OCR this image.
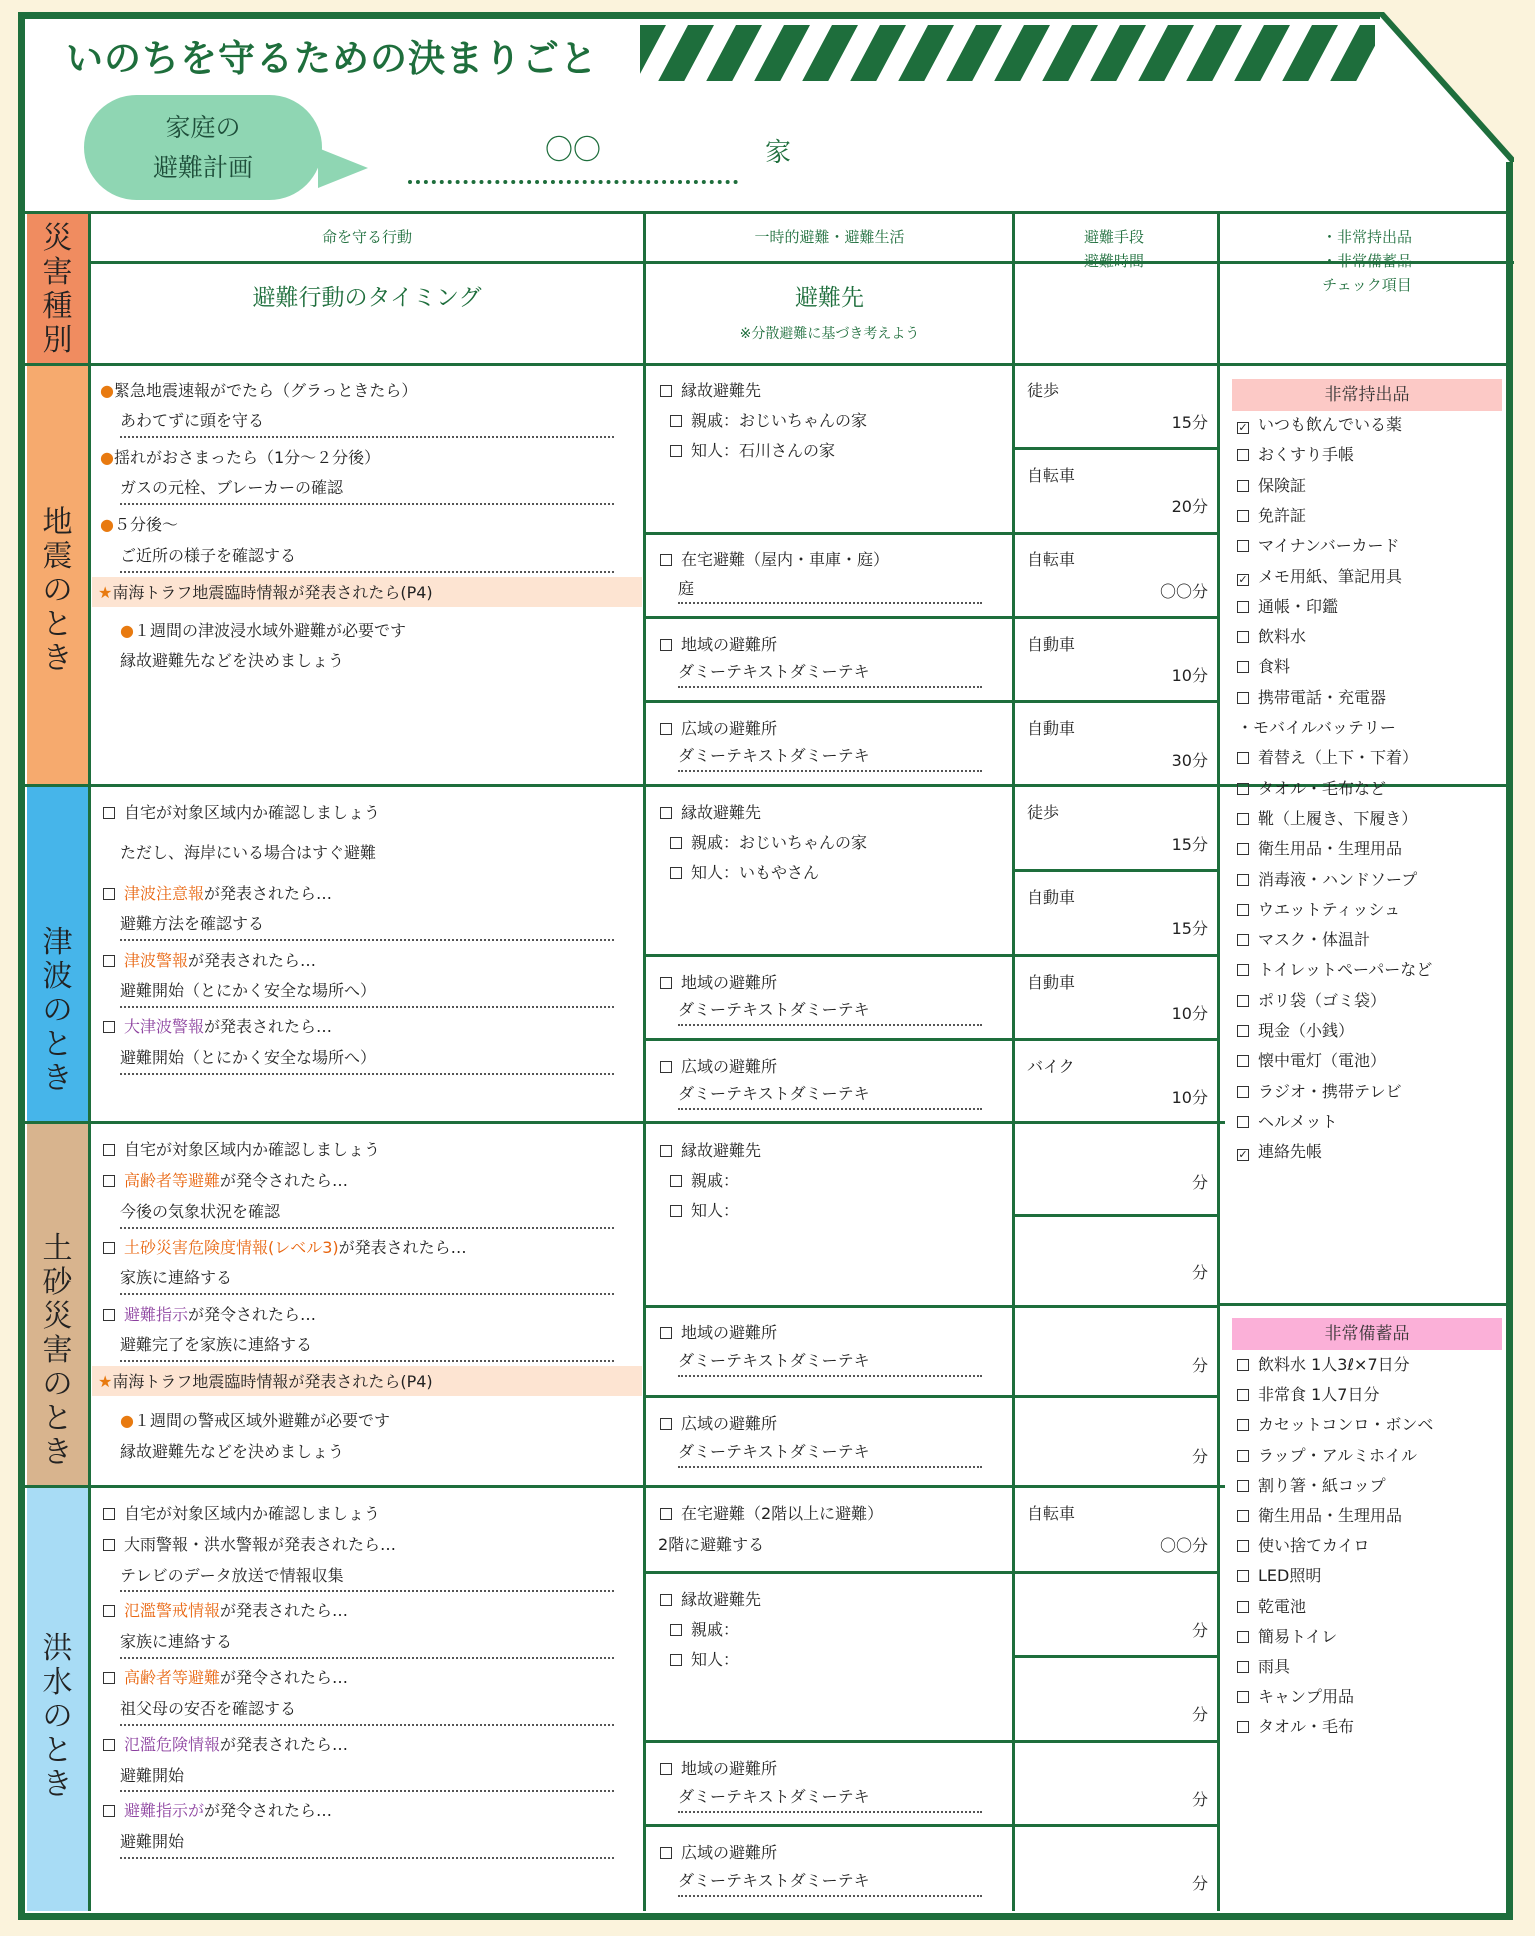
いのちを守るための決まりごと
家庭の
避難計画
〇〇	家
災
害
種
別
地
震
の
と
き
津
波
の
と
き
土
砂
災
害
の
と
き
洪
水
の
と
き
命を守る行動
避難行動のタイミング
一時的避難・避難生活
避難先
※分散避難に基づき考えよう
避難手段
避難時間
・非常持出品
・非常備蓄品
チェック項目
●緊急地震速報がでたら（グラっときたら）
あわてずに頭を守る
●揺れがおさまったら（1分〜２分後）
ガスの元栓、ブレーカーの確認
●５分後〜
ご近所の様子を確認する
★南海トラフ地震臨時情報が発表されたら(P4)
●１週間の津波浸水域外避難が必要です
縁故避難先などを決めましょう
縁故避難先
親戚：おじいちゃんの家
知人：石川さんの家
在宅避難（屋内・車庫・庭）
庭
地域の避難所
ダミーテキストダミーテキ
広域の避難所
ダミーテキストダミーテキ
徒歩
15分
自転車
20分
自転車
〇〇分
自動車
10分
自動車
30分
自宅が対象区域内か確認しましょう
ただし、海岸にいる場合はすぐ避難
津波注意報が発表されたら…
避難方法を確認する
津波警報が発表されたら…
避難開始（とにかく安全な場所へ）
大津波警報が発表されたら…
避難開始（とにかく安全な場所へ）
縁故避難先
親戚：おじいちゃんの家
知人：いもやさん
地域の避難所
ダミーテキストダミーテキ
広域の避難所
ダミーテキストダミーテキ
徒歩
15分
自動車
15分
自動車
10分
バイク
10分
自宅が対象区域内か確認しましょう
高齢者等避難が発令されたら…
今後の気象状況を確認
土砂災害危険度情報(レベル3)が発表されたら…
家族に連絡する
避難指示が発令されたら…
避難完了を家族に連絡する
★南海トラフ地震臨時情報が発表されたら(P4)
●１週間の警戒区域外避難が必要です
縁故避難先などを決めましょう
縁故避難先
親戚：
知人：
地域の避難所
ダミーテキストダミーテキ
広域の避難所
ダミーテキストダミーテキ
分
分
分
分
自宅が対象区域内か確認しましょう
大雨警報・洪水警報が発表されたら…
テレビのデータ放送で情報収集
氾濫警戒情報が発表されたら…
家族に連絡する
高齢者等避難が発令されたら…
祖父母の安否を確認する
氾濫危険情報が発表されたら…
避難開始
避難指示がが発令されたら…
避難開始
在宅避難（2階以上に避難）
2階に避難する
縁故避難先
親戚：
知人：
地域の避難所
ダミーテキストダミーテキ
広域の避難所
ダミーテキストダミーテキ
自転車
〇〇分
分
分
分
分
非常持出品
✓ いつも飲んでいる薬
おくすり手帳
保険証
免許証
マイナンバーカード
✓ メモ用紙、筆記用具
通帳・印鑑
飲料水
食料
携帯電話・充電器
・モバイルバッテリー
着替え（上下・下着）
タオル・毛布など
靴（上履き、下履き）
衛生用品・生理用品
消毒液・ハンドソープ
ウエットティッシュ
マスク・体温計
トイレットペーパーなど
ポリ袋（ゴミ袋）
現金（小銭）
懐中電灯（電池）
ラジオ・携帯テレビ
ヘルメット
✓ 連絡先帳
非常備蓄品
飲料水 1人3ℓ×7日分
非常食 1人7日分
カセットコンロ・ボンベ
ラップ・アルミホイル
割り箸・紙コップ
衛生用品・生理用品
使い捨てカイロ
LED照明
乾電池
簡易トイレ
雨具
キャンプ用品
タオル・毛布
